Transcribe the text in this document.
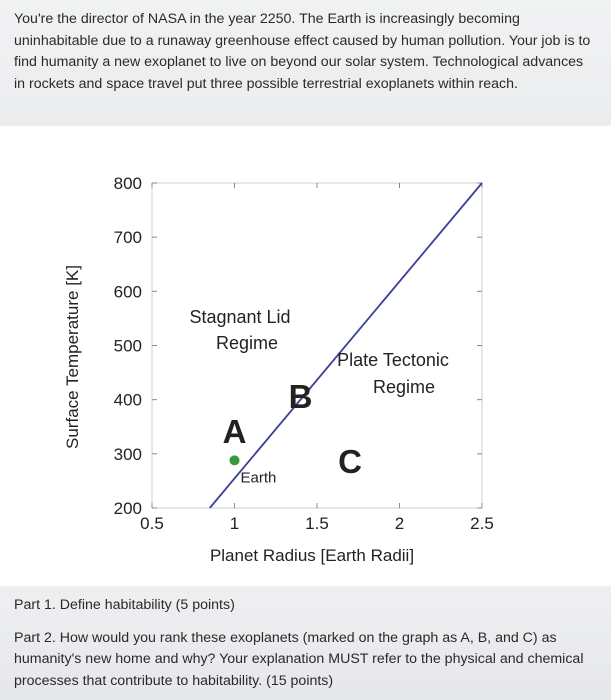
You're the director of NASA in the year 2250. The Earth is increasingly becoming uninhabitable due to a runaway greenhouse effect caused by human pollution. Your job is to find humanity a new exoplanet to live on beyond our solar system. Technological advances in rockets and space travel put three possible terrestrial exoplanets within reach.

Surface Temperature [K]
200
300
400
500
600
700
800
0.5	1	1.5	2	2.5
Stagnant Lid
Regime
Plate Tectonic
Regime
Earth
A
B
C
Planet Radius [Earth Radii]

Part 1. Define habitability (5 points)

Part 2. How would you rank these exoplanets (marked on the graph as A, B, and C) as humanity's new home and why? Your explanation MUST refer to the physical and chemical processes that contribute to habitability. (15 points)
